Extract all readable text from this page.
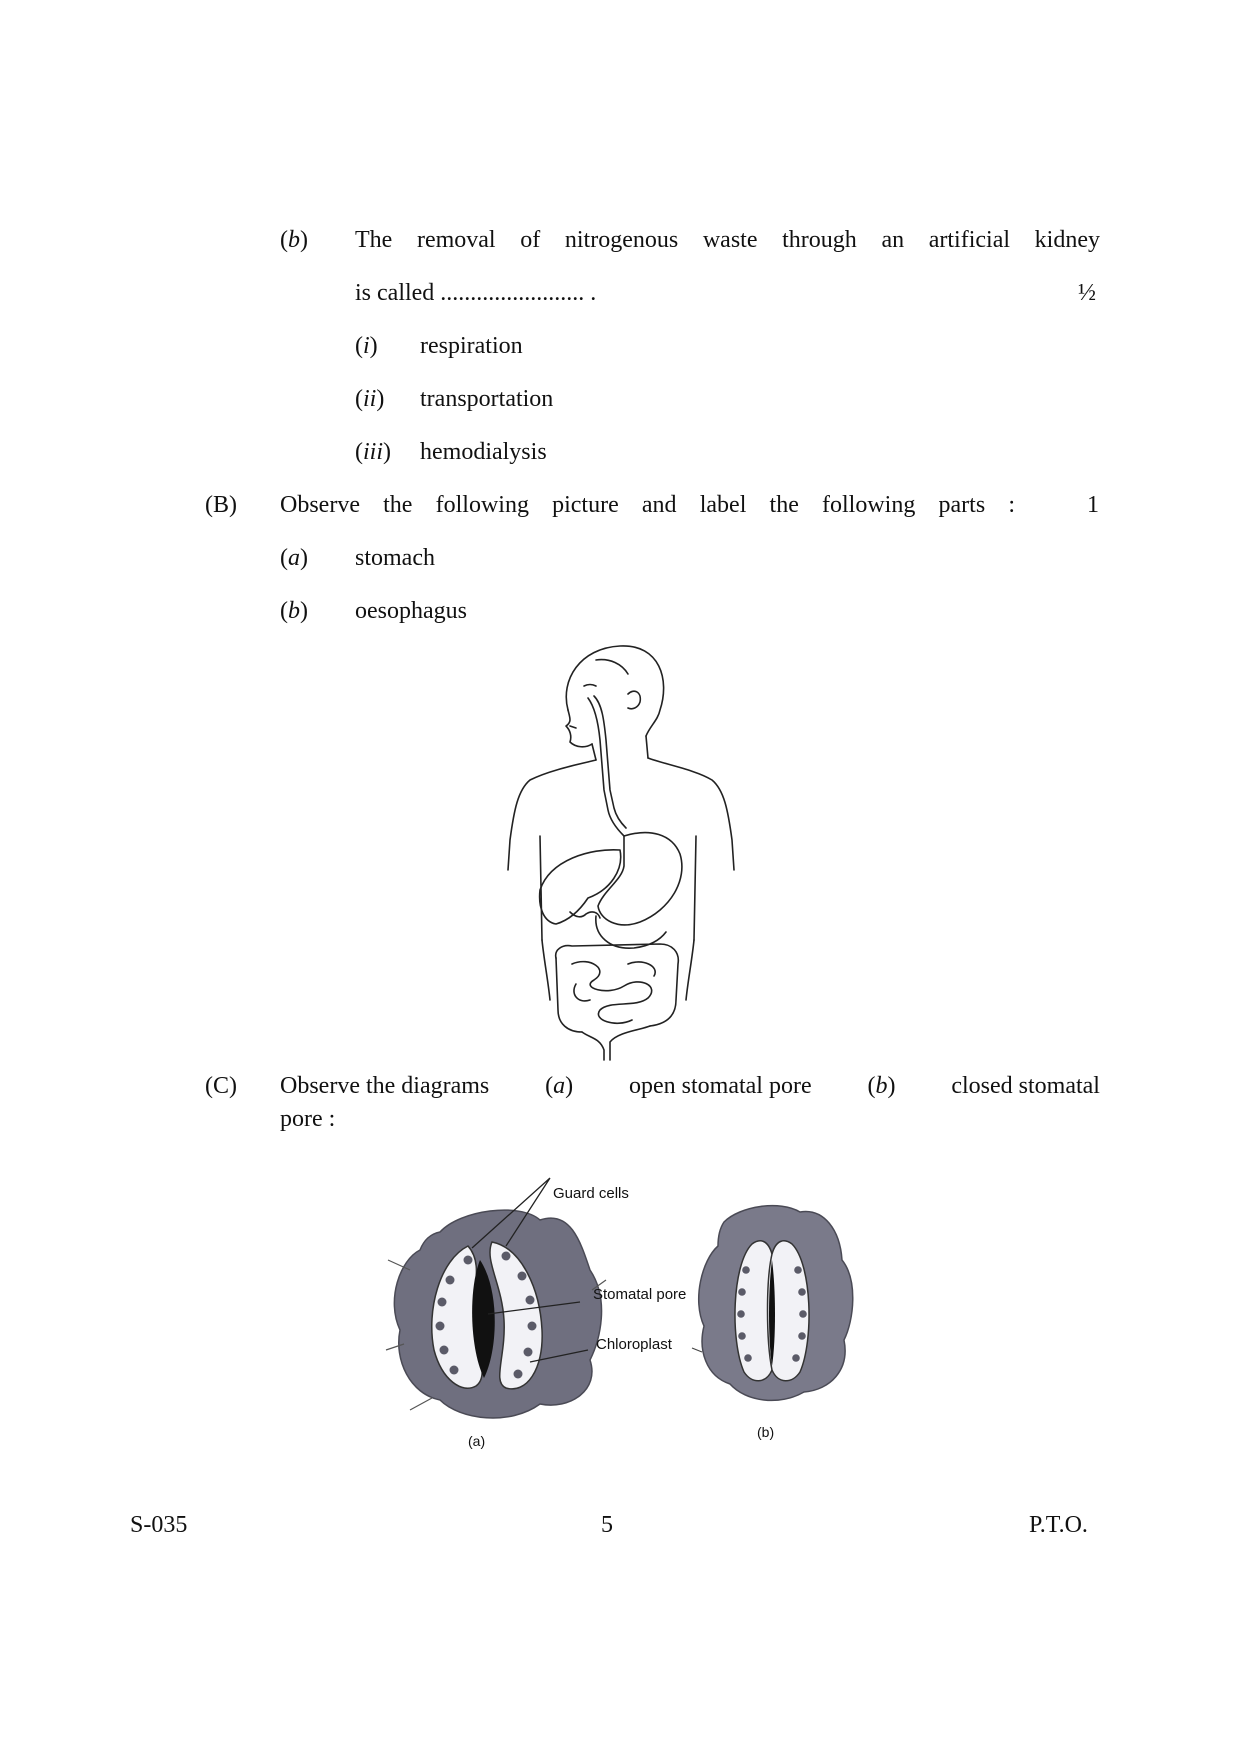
(b) The removal of nitrogenous waste through an artificial kidney
is called ........................ .	½
(i) respiration
(ii) transportation
(iii) hemodialysis
(B) Observe the following picture and label the following parts :	1
(a) stomach
(b) oesophagus
(C) Observe the diagrams (a) open stomatal pore (b) closed stomatal
pore :
Guard cells
Stomatal pore
Chloroplast
(a)
(b)
S-035	5	P.T.O.
